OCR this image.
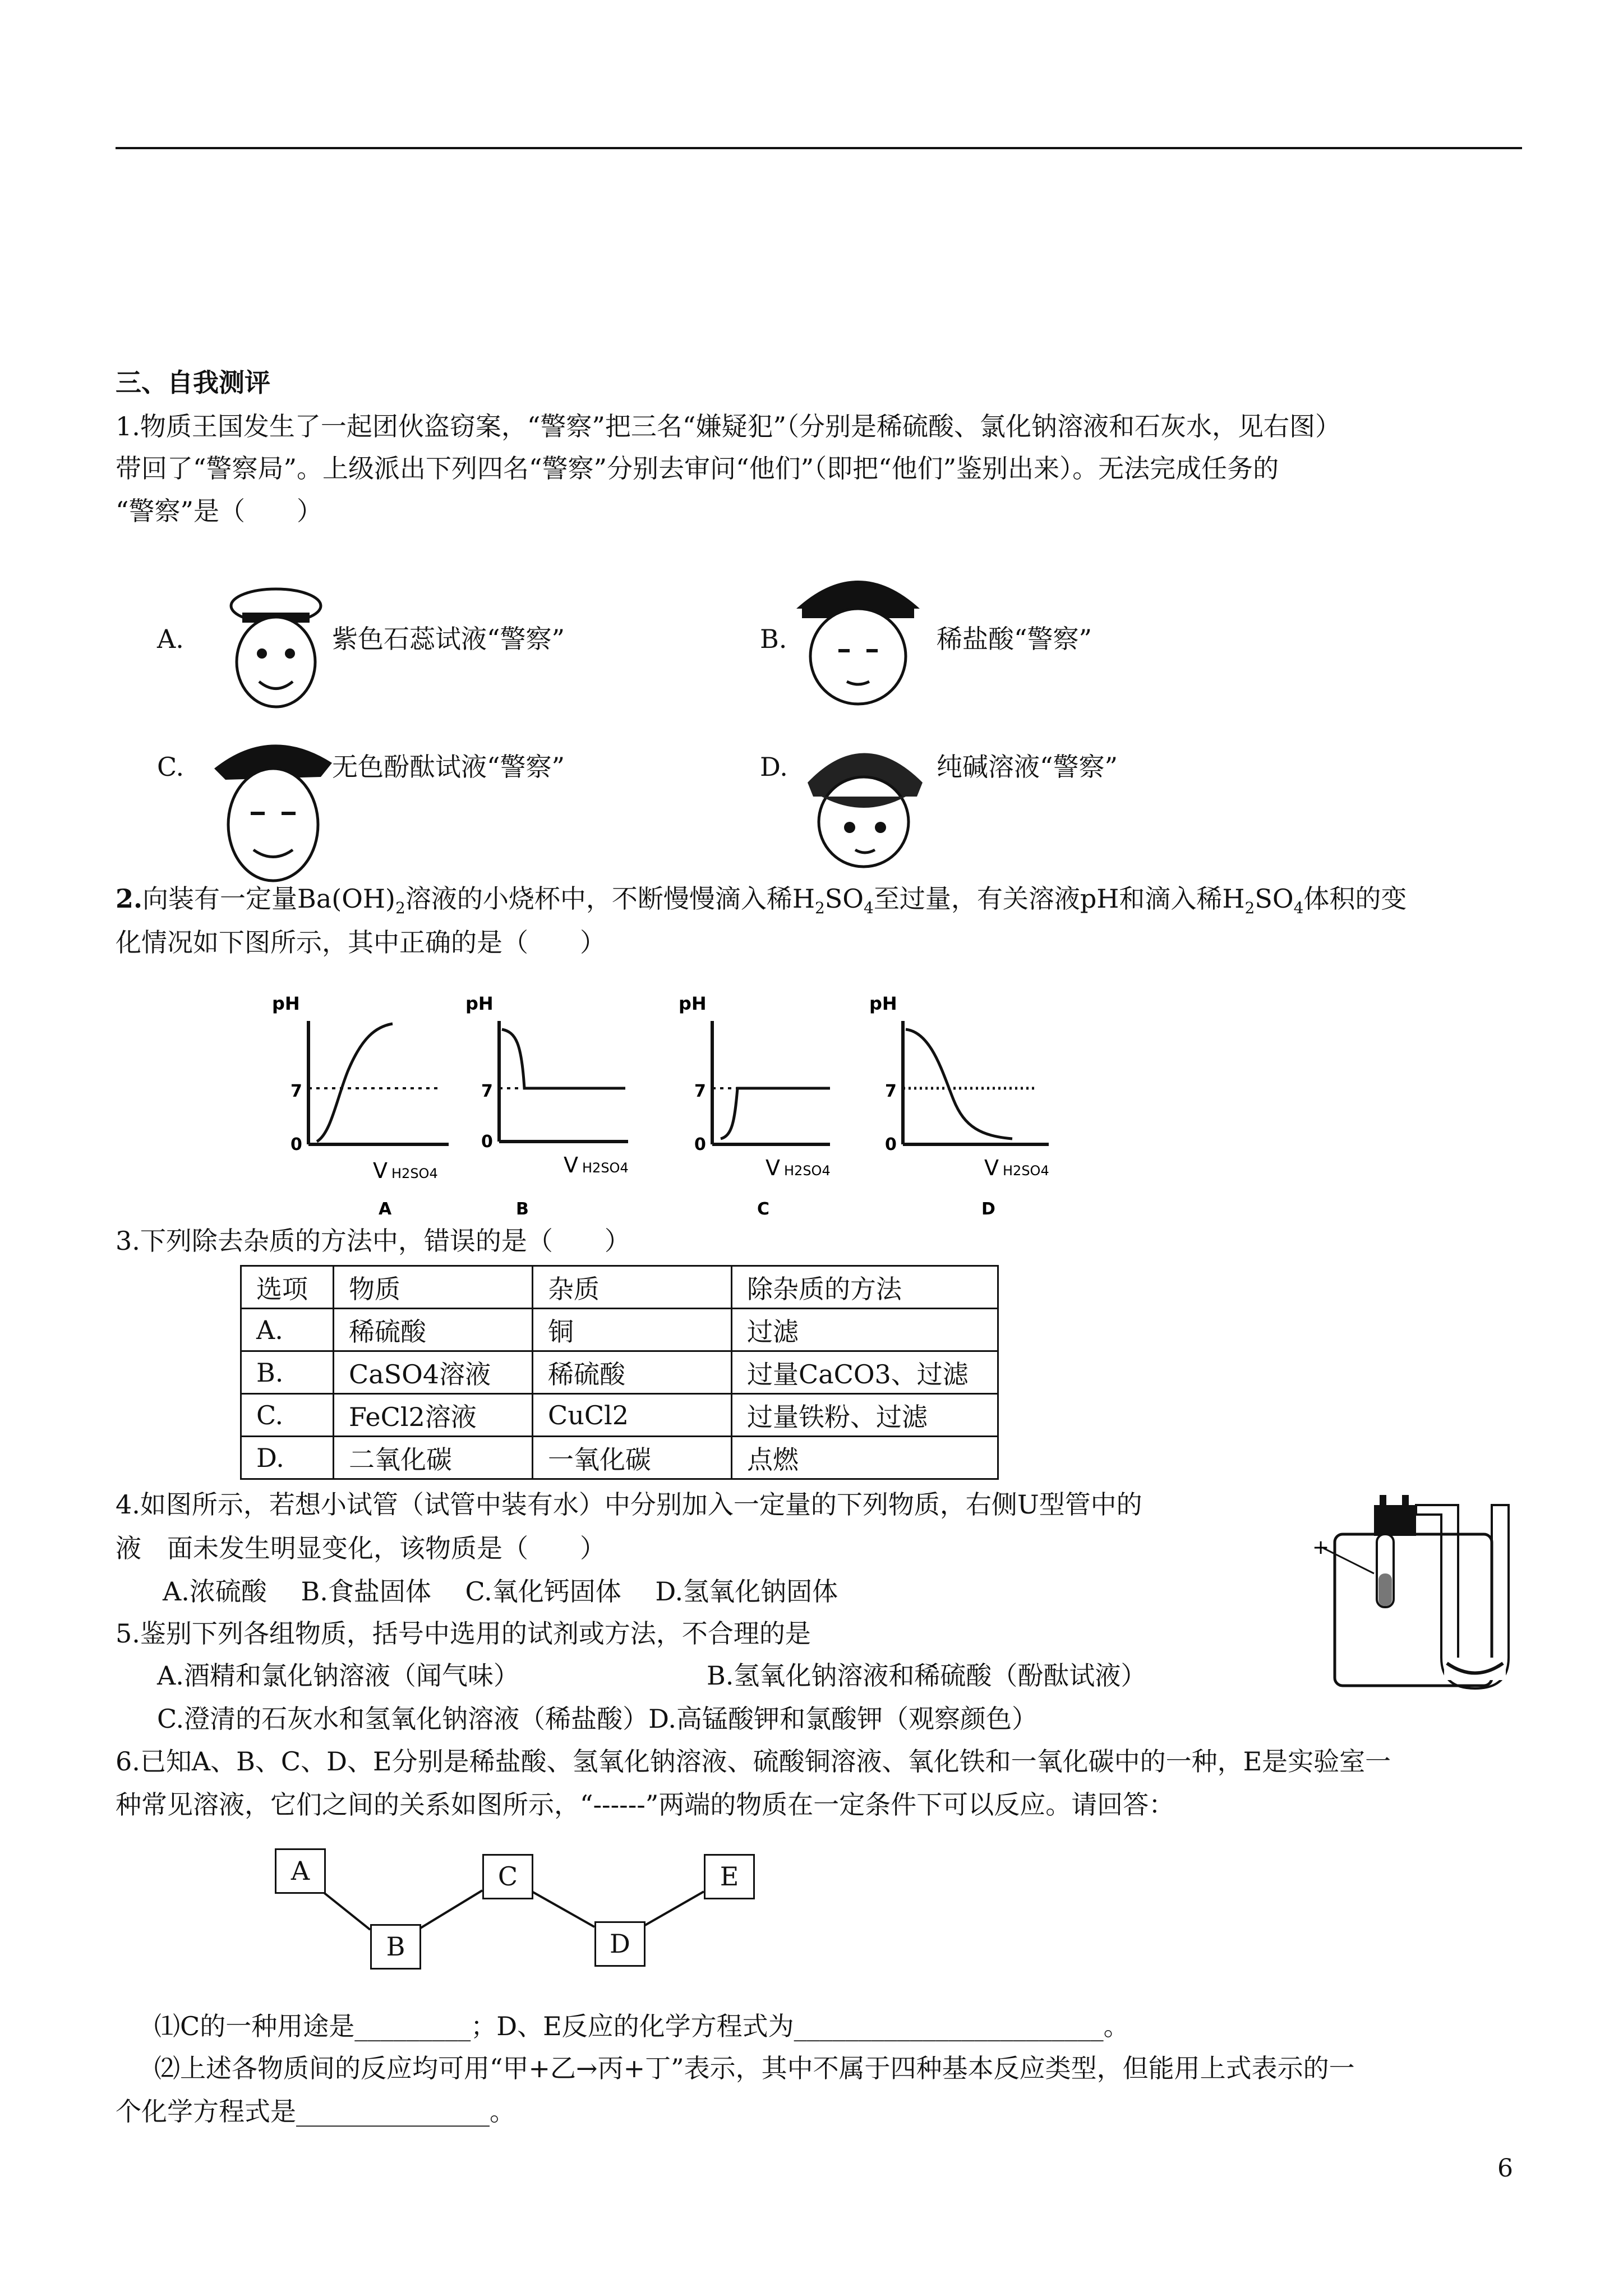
三、自我测评
1.物质王国发生了一起团伙盗窃案，“警察”把三名“嫌疑犯”（分别是稀硫酸、氯化钠溶液和石灰水，见右图）
带回了“警察局”。上级派出下列四名“警察”分别去审问“他们”（即把“他们”鉴别出来）。无法完成任务的
“警察”是（　　）
A.	紫色石蕊试液“警察”	B.	稀盐酸“警察”
C.	无色酚酞试液“警察”	D.	纯碱溶液“警察”
2.向装有一定量$Ba(OH)_2$溶液的小烧杯中，不断慢慢滴入稀$H_2SO_4$至过量，有关溶液pH和滴入稀$H_2SO_4$体积的变
化情况如下图所示，其中正确的是（　　）
pH
7
0
V H2SO4
A
pH
7
0
V H2SO4
B
pH
7
0
V H2SO4
C
pH
7
0
V H2SO4
D
3.下列除去杂质的方法中，错误的是（　　）
选项	物质	杂质	除杂质的方法
A.	稀硫酸	铜	过滤
B.	CaSO4溶液	稀硫酸	过量CaCO3、过滤
C.	FeCl2溶液	CuCl2	过量铁粉、过滤
D.	二氧化碳	一氧化碳	点燃
4.如图所示，若想小试管（试管中装有水）中分别加入一定量的下列物质，右侧U型管中的
液　面未发生明显变化，该物质是（　　）
A.浓硫酸　 B.食盐固体　 C.氧化钙固体　 D.氢氧化钠固体
+
5.鉴别下列各组物质，括号中选用的试剂或方法，不合理的是
A.酒精和氯化钠溶液（闻气味）	B.氢氧化钠溶液和稀硫酸（酚酞试液）
C.澄清的石灰水和氢氧化钠溶液（稀盐酸）D.高锰酸钾和氯酸钾（观察颜色）
6.已知A、B、C、D、E分别是稀盐酸、氢氧化钠溶液、硫酸铜溶液、氧化铁和一氧化碳中的一种，E是实验室一
种常见溶液，它们之间的关系如图所示，“------”两端的物质在一定条件下可以反应。请回答：
A
B
C
D
E
⑴C的一种用途是_________；D、E反应的化学方程式为________________________。
⑵上述各物质间的反应均可用“甲+乙→丙+丁”表示，其中不属于四种基本反应类型，但能用上式表示的一
个化学方程式是_______________。
6
